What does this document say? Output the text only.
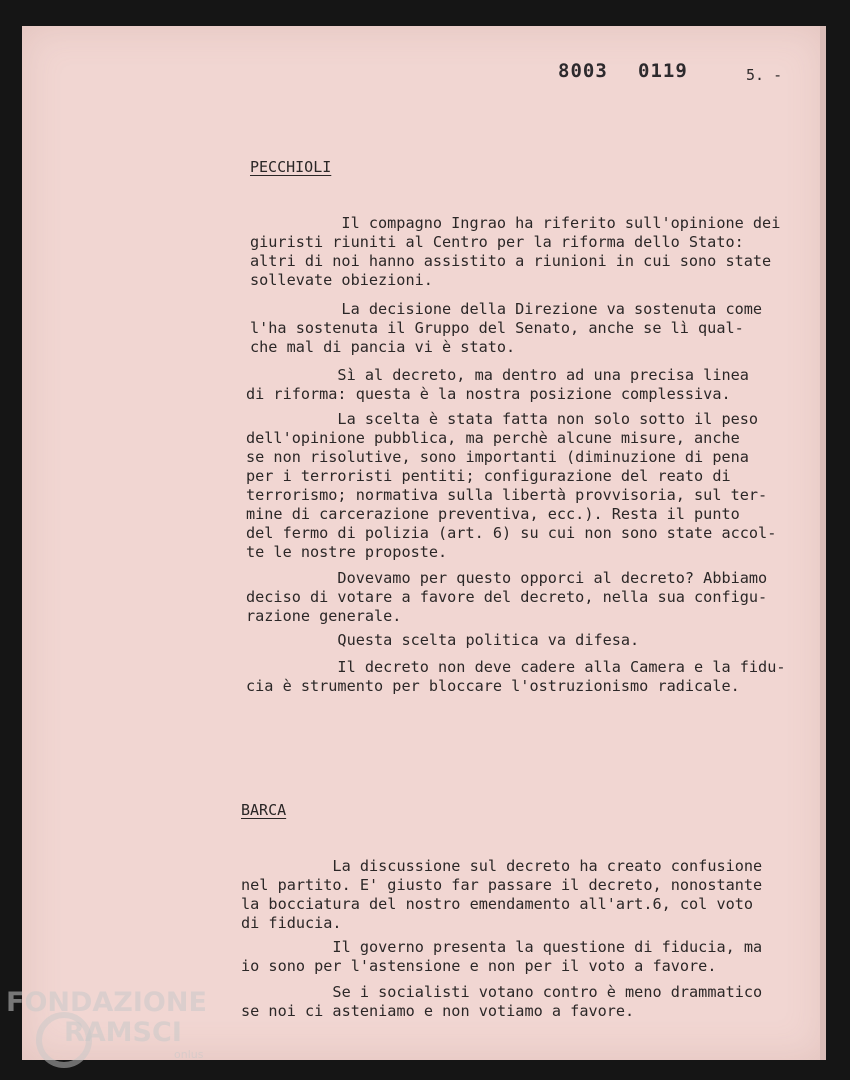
8003 0119	5. -
PECCHIOLI

Il compagno Ingrao ha riferito sull'opinione dei
giuristi riuniti al Centro per la riforma dello Stato:
altri di noi hanno assistito a riunioni in cui sono state
sollevate obiezioni.

La decisione della Direzione va sostenuta come
l'ha sostenuta il Gruppo del Senato, anche se lì qual-
che mal di pancia vi è stato.

Sì al decreto, ma dentro ad una precisa linea
di riforma: questa è la nostra posizione complessiva.

La scelta è stata fatta non solo sotto il peso
dell'opinione pubblica, ma perchè alcune misure, anche
se non risolutive, sono importanti (diminuzione di pena
per i terroristi pentiti; configurazione del reato di
terrorismo; normativa sulla libertà provvisoria, sul ter-
mine di carcerazione preventiva, ecc.). Resta il punto
del fermo di polizia (art. 6) su cui non sono state accol-
te le nostre proposte.

Dovevamo per questo opporci al decreto? Abbiamo
deciso di votare a favore del decreto, nella sua configu-
razione generale.

Questa scelta politica va difesa.

Il decreto non deve cadere alla Camera e la fidu-
cia è strumento per bloccare l'ostruzionismo radicale.

BARCA

La discussione sul decreto ha creato confusione
nel partito. E' giusto far passare il decreto, nonostante
la bocciatura del nostro emendamento all'art.6, col voto
di fiducia.

Il governo presenta la questione di fiducia, ma
io sono per l'astensione e non per il voto a favore.

Se i socialisti votano contro è meno drammatico
se noi ci asteniamo e non votiamo a favore.

FONDAZIONE
RAMSCI
onlus
